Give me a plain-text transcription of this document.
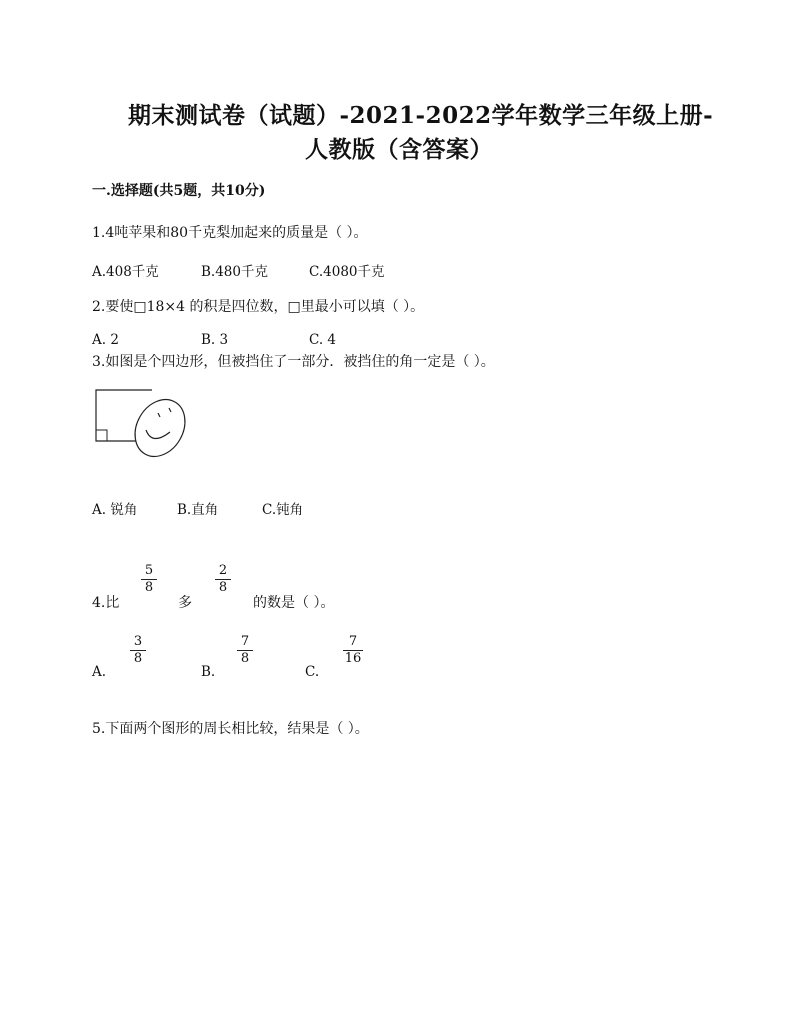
期末测试卷（试题）-2021-2022学年数学三年级上册-
人教版（含答案）
一.选择题(共5题，共10分)
1.4吨苹果和80千克梨加起来的质量是（ ）。
A.408千克	B.480千克	C.4080千克
2.要使□18×4 的积是四位数，□里最小可以填（ ）。
A. 2	B. 3	C. 4
3.如图是个四边形，但被挡住了一部分．被挡住的角一定是（ ）。
A. 锐角	B.直角	C.钝角
4.比
5
8
多
2
8
的数是（ ）。
A.
3
8
B.
7
8
C.
7
16
5.下面两个图形的周长相比较，结果是（ ）。
